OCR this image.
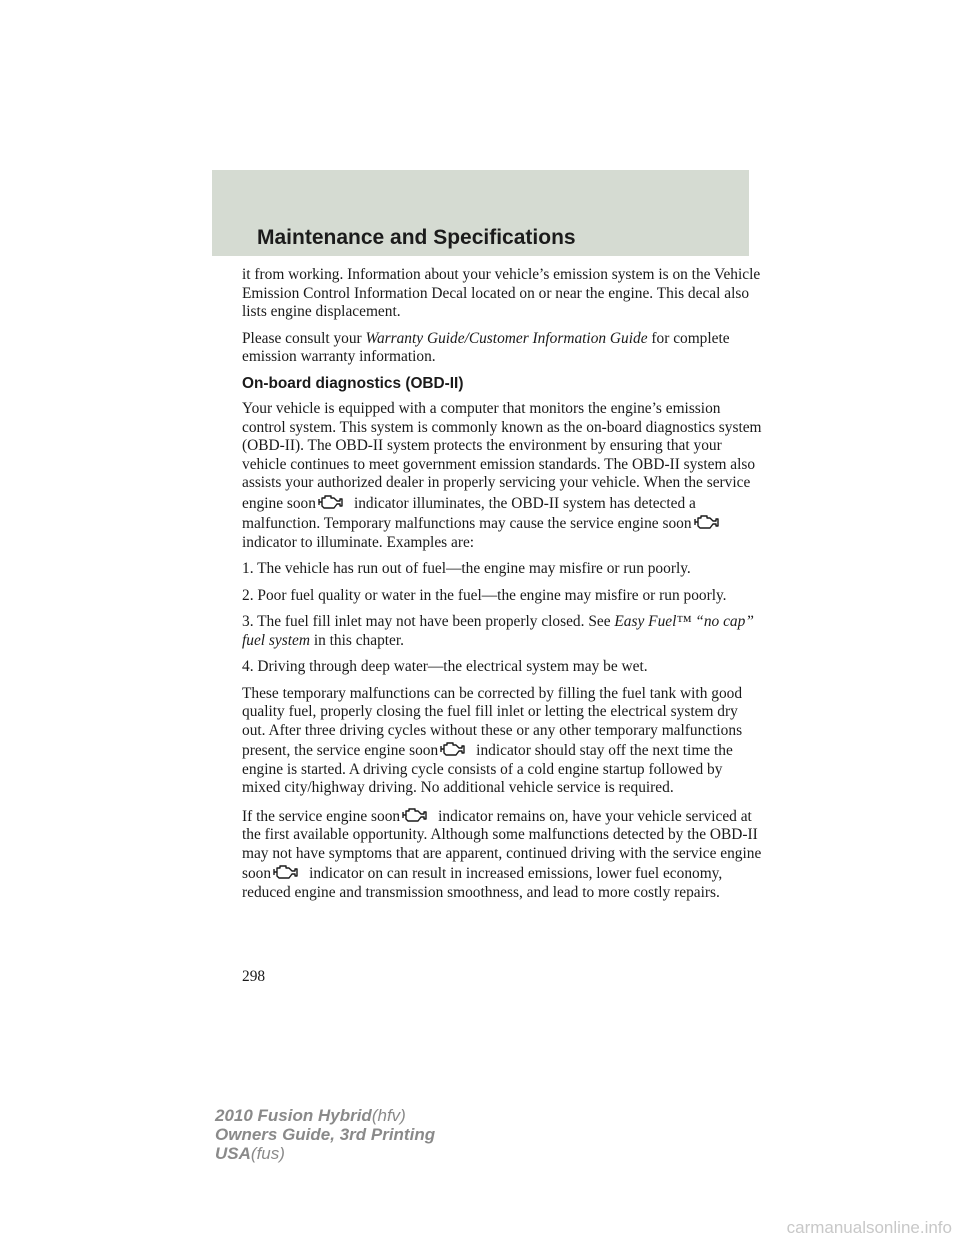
Maintenance and Specifications

it from working. Information about your vehicle’s emission system is on the Vehicle Emission Control Information Decal located on or near the engine. This decal also lists engine displacement.

Please consult your Warranty Guide/Customer Information Guide for complete emission warranty information.

On-board diagnostics (OBD-II)

Your vehicle is equipped with a computer that monitors the engine’s emission control system. This system is commonly known as the on-board diagnostics system (OBD-II). The OBD-II system protects the environment by ensuring that your vehicle continues to meet government emission standards. The OBD-II system also assists your authorized dealer in properly servicing your vehicle. When the service engine soon indicator illuminates, the OBD-II system has detected a malfunction. Temporary malfunctions may cause the service engine soon
indicator to illuminate. Examples are:

1. The vehicle has run out of fuel—the engine may misfire or run poorly.

2. Poor fuel quality or water in the fuel—the engine may misfire or run poorly.

3. The fuel fill inlet may not have been properly closed. See Easy Fuel™ “no cap” fuel system in this chapter.

4. Driving through deep water—the electrical system may be wet.

These temporary malfunctions can be corrected by filling the fuel tank with good quality fuel, properly closing the fuel fill inlet or letting the electrical system dry out. After three driving cycles without these or any other temporary malfunctions present, the service engine soon indicator should stay off the next time the engine is started. A driving cycle consists of a cold engine startup followed by mixed city/highway driving. No additional vehicle service is required.

If the service engine soon indicator remains on, have your vehicle serviced at the first available opportunity. Although some malfunctions detected by the OBD-II may not have symptoms that are apparent, continued driving with the service engine soon indicator on can result in increased emissions, lower fuel economy, reduced engine and transmission smoothness, and lead to more costly repairs.

298
2010 Fusion Hybrid(hfv)
Owners Guide, 3rd Printing
USA(fus)
carmanualsonline.info
